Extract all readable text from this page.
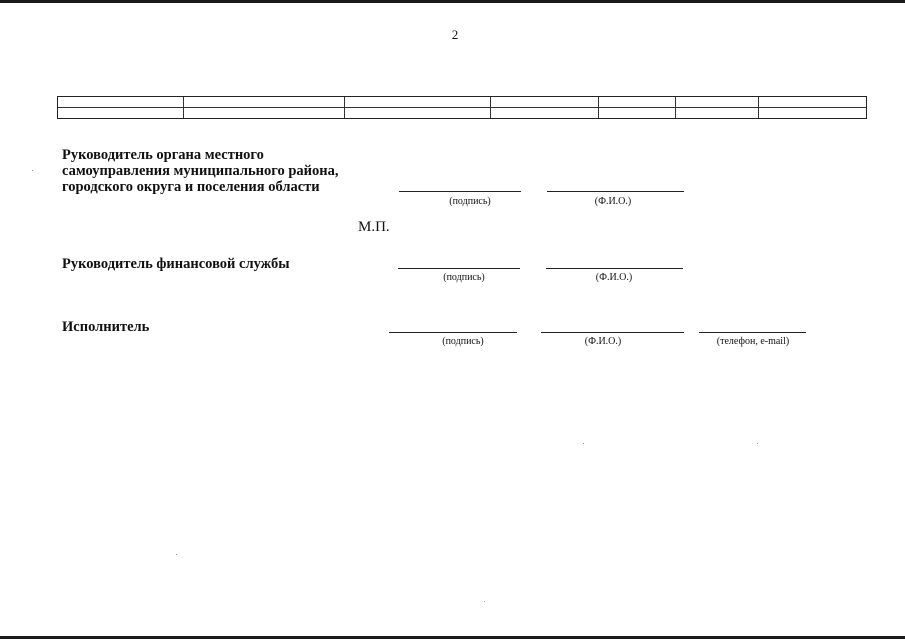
2
Руководитель органа местного
самоуправления муниципального района,
городского округа и поселения области
(подпись)	(Ф.И.О.)
М.П.
Руководитель финансовой службы
(подпись)	(Ф.И.О.)
Исполнитель
(подпись)	(Ф.И.О.)	(телефон, e-mail)
